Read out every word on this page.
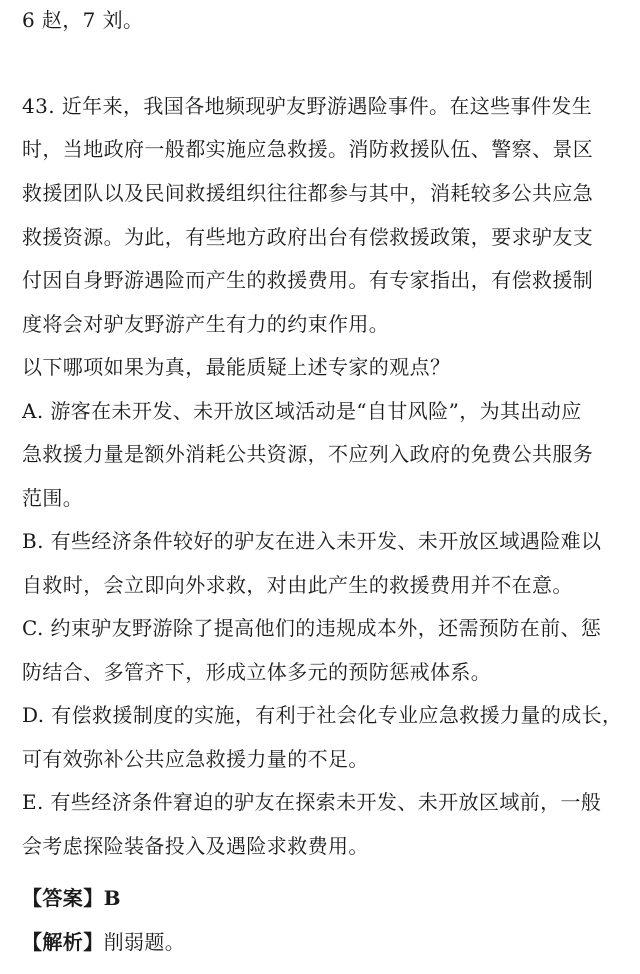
6 赵，7 刘。
43. 近年来，我国各地频现驴友野游遇险事件。在这些事件发生
时，当地政府一般都实施应急救援。消防救援队伍、警察、景区
救援团队以及民间救援组织往往都参与其中，消耗较多公共应急
救援资源。为此，有些地方政府出台有偿救援政策，要求驴友支
付因自身野游遇险而产生的救援费用。有专家指出，有偿救援制
度将会对驴友野游产生有力的约束作用。
以下哪项如果为真，最能质疑上述专家的观点？
A. 游客在未开发、未开放区域活动是“自甘风险”，为其出动应
急救援力量是额外消耗公共资源，不应列入政府的免费公共服务
范围。
B. 有些经济条件较好的驴友在进入未开发、未开放区域遇险难以
自救时，会立即向外求救，对由此产生的救援费用并不在意。
C. 约束驴友野游除了提高他们的违规成本外，还需预防在前、惩
防结合、多管齐下，形成立体多元的预防惩戒体系。
D. 有偿救援制度的实施，有利于社会化专业应急救援力量的成长，
可有效弥补公共应急救援力量的不足。
E. 有些经济条件窘迫的驴友在探索未开发、未开放区域前，一般
会考虑探险装备投入及遇险求救费用。
【答案】B
【解析】削弱题。
